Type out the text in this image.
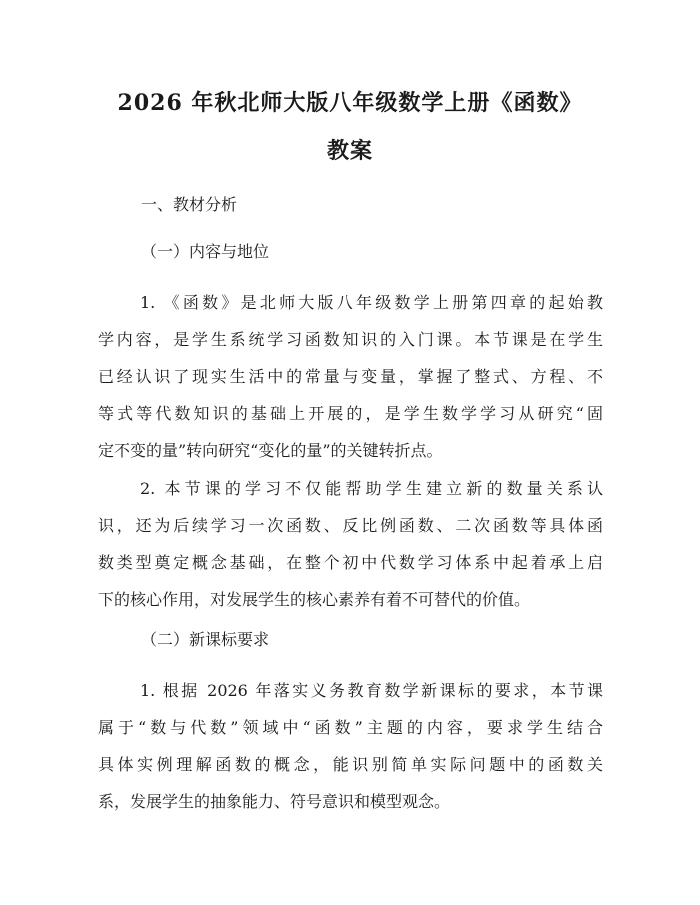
2026 年秋北师大版八年级数学上册《函数》
教案

一、教材分析

（一）内容与地位

1. 《函数》是北师大版八年级数学上册第四章的起始教
学内容，是学生系统学习函数知识的入门课。本节课是在学生
已经认识了现实生活中的常量与变量，掌握了整式、方程、不
等式等代数知识的基础上开展的，是学生数学学习从研究“固
定不变的量”转向研究“变化的量”的关键转折点。
2. 本节课的学习不仅能帮助学生建立新的数量关系认
识，还为后续学习一次函数、反比例函数、二次函数等具体函
数类型奠定概念基础，在整个初中代数学习体系中起着承上启
下的核心作用，对发展学生的核心素养有着不可替代的价值。

（二）新课标要求

1. 根据 2026 年落实义务教育数学新课标的要求，本节课
属于“数与代数”领域中“函数”主题的内容，要求学生结合
具体实例理解函数的概念，能识别简单实际问题中的函数关
系，发展学生的抽象能力、符号意识和模型观念。
